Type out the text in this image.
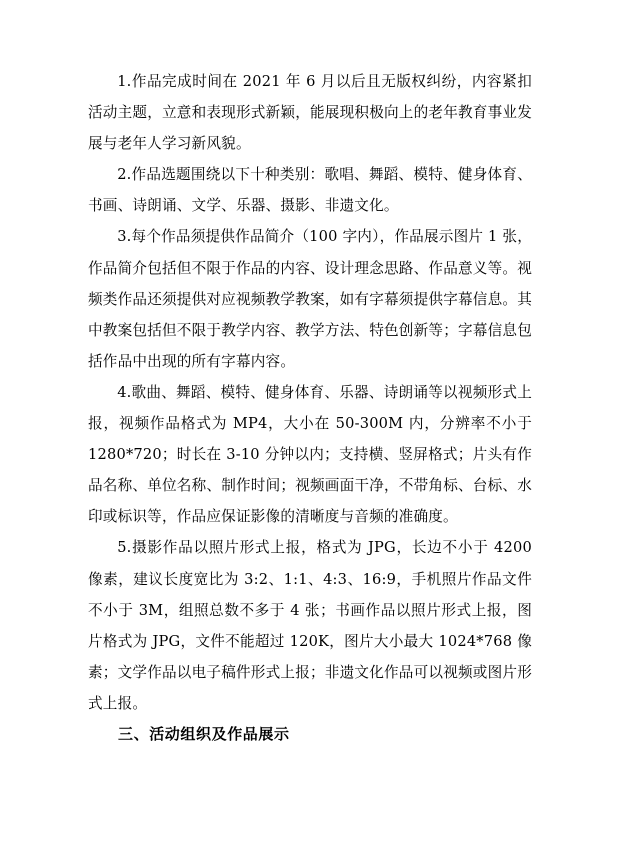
1.作品完成时间在 2021 年 6 月以后且无版权纠纷，内容紧扣活动主题，立意和表现形式新颖，能展现积极向上的老年教育事业发展与老年人学习新风貌。

2.作品选题围绕以下十种类别：歌唱、舞蹈、模特、健身体育、书画、诗朗诵、文学、乐器、摄影、非遗文化。

3.每个作品须提供作品简介（100 字内），作品展示图片 1 张，作品简介包括但不限于作品的内容、设计理念思路、作品意义等。视频类作品还须提供对应视频教学教案，如有字幕须提供字幕信息。其中教案包括但不限于教学内容、教学方法、特色创新等；字幕信息包括作品中出现的所有字幕内容。

4.歌曲、舞蹈、模特、健身体育、乐器、诗朗诵等以视频形式上报，视频作品格式为 MP4，大小在 50-300M 内，分辨率不小于 1280*720；时长在 3-10 分钟以内；支持横、竖屏格式；片头有作品名称、单位名称、制作时间；视频画面干净，不带角标、台标、水印或标识等，作品应保证影像的清晰度与音频的准确度。

5.摄影作品以照片形式上报，格式为 JPG，长边不小于 4200 像素，建议长度宽比为 3:2、1:1、4:3、16:9，手机照片作品文件不小于 3M，组照总数不多于 4 张；书画作品以照片形式上报，图片格式为 JPG，文件不能超过 120K，图片大小最大 1024*768 像素；文学作品以电子稿件形式上报；非遗文化作品可以视频或图片形式上报。

三、活动组织及作品展示
